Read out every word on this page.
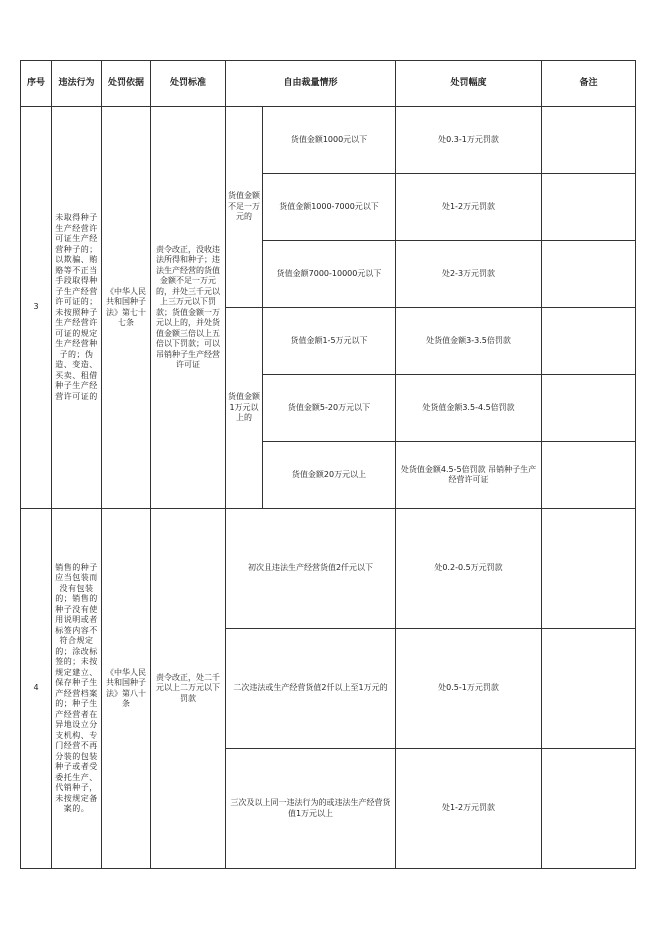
序号	违法行为	处罚依据	处罚标准	自由裁量情形		处罚幅度	备注
3	未取得种子生产经营许可证生产经营种子的；以欺骗、贿赂等不正当手段取得种子生产经营许可证的；未按照种子生产经营许可证的规定生产经营种子的；伪造、变造、买卖、租借种子生产经营许可证的	《中华人民共和国种子法》第七十七条	责令改正，没收违法所得和种子；违法生产经营的货值金额不足一万元的，并处三千元以上三万元以下罚款；货值金额一万元以上的，并处货值金额三倍以上五倍以下罚款；可以吊销种子生产经营许可证	货值金额不足一万元的	货值金额1000元以下	处0.3-1万元罚款	
					货值金额1000-7000元以下	处1-2万元罚款	
					货值金额7000-10000元以下	处2-3万元罚款	
				货值金额1万元以上的	货值金额1-5万元以下	处货值金额3-3.5倍罚款	
					货值金额5-20万元以下	处货值金额3.5-4.5倍罚款	
					货值金额20万元以上	处货值金额4.5-5倍罚款 吊销种子生产经营许可证	
4	销售的种子应当包装而没有包装的；销售的种子没有使用说明或者标签内容不符合规定的；涂改标签的；未按规定建立、保存种子生产经营档案的；种子生产经营者在异地设立分支机构、专门经营不再分装的包装种子或者受委托生产、代销种子，未按规定备案的。	《中华人民共和国种子法》第八十条	责令改正，处二千元以上二万元以下罚款	初次且违法生产经营货值2仟元以下		处0.2-0.5万元罚款	
				二次违法或生产经营货值2仟以上至1万元的		处0.5-1万元罚款	
				三次及以上同一违法行为的或违法生产经营货值1万元以上		处1-2万元罚款	
